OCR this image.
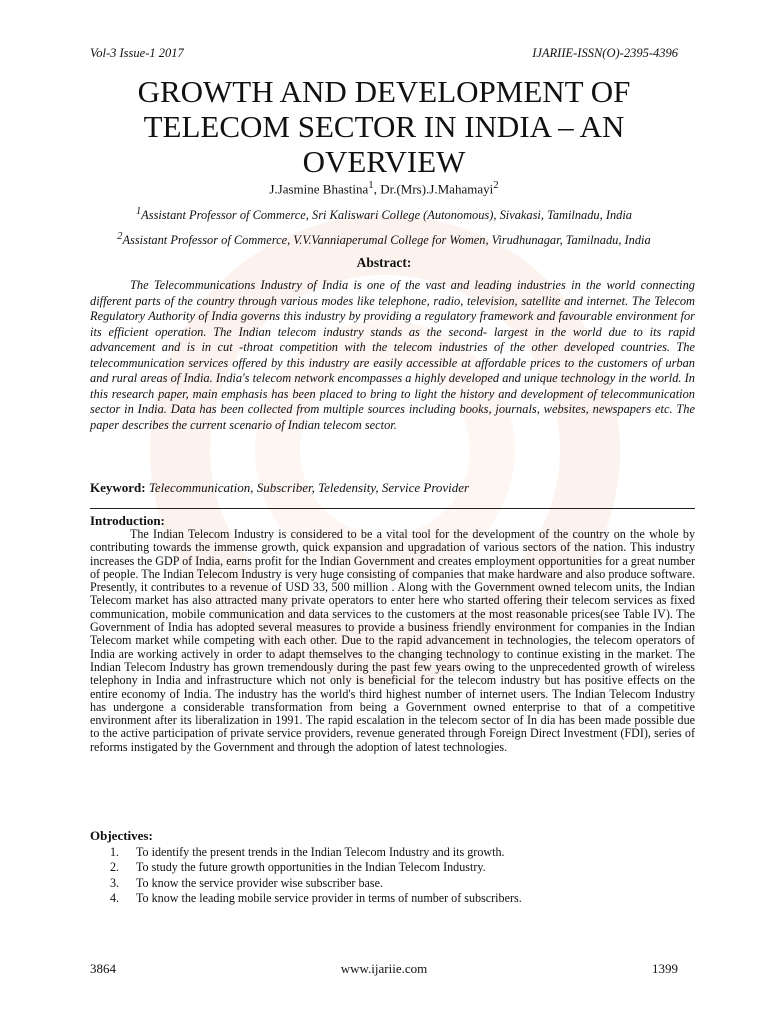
Vol-3 Issue-1 2017	IJARIIE-ISSN(O)-2395-4396
GROWTH AND DEVELOPMENT OF TELECOM SECTOR IN INDIA – AN OVERVIEW
J.Jasmine Bhastina$^1$, Dr.(Mrs).J.Mahamayi$^2$
$^1$Assistant Professor of Commerce, Sri Kaliswari College (Autonomous), Sivakasi, Tamilnadu, India
$^2$Assistant Professor of Commerce, V.V.Vanniaperumal College for Women, Virudhunagar, Tamilnadu, India
Abstract:

The Telecommunications Industry of India is one of the vast and leading industries in the world connecting different parts of the country through various modes like telephone, radio, television, satellite and internet. The Telecom Regulatory Authority of India governs this industry by providing a regulatory framework and favourable environment for its efficient operation. The Indian telecom industry stands as the second- largest in the world due to its rapid advancement and is in cut -throat competition with the telecom industries of the other developed countries. The telecommunication services offered by this industry are easily accessible at affordable prices to the customers of urban and rural areas of India. India's telecom network encompasses a highly developed and unique technology in the world. In this research paper, main emphasis has been placed to bring to light the history and development of telecommunication sector in India. Data has been collected from multiple sources including books, journals, websites, newspapers etc. The paper describes the current scenario of Indian telecom sector.

Keyword: Telecommunication, Subscriber, Teledensity, Service Provider
Introduction:

The Indian Telecom Industry is considered to be a vital tool for the development of the country on the whole by contributing towards the immense growth, quick expansion and upgradation of various sectors of the nation. This industry increases the GDP of India, earns profit for the Indian Government and creates employment opportunities for a great number of people. The Indian Telecom Industry is very huge consisting of companies that make hardware and also produce software. Presently, it contributes to a revenue of USD 33, 500 million . Along with the Government owned telecom units, the Indian Telecom market has also attracted many private operators to enter here who started offering their telecom services as fixed communication, mobile communication and data services to the customers at the most reasonable prices(see Table IV). The Government of India has adopted several measures to provide a business friendly environment for companies in the Indian Telecom market while competing with each other. Due to the rapid advancement in technologies, the telecom operators of India are working actively in order to adapt themselves to the changing technology to continue existing in the market. The Indian Telecom Industry has grown tremendously during the past few years owing to the unprecedented growth of wireless telephony in India and infrastructure which not only is beneficial for the telecom industry but has positive effects on the entire economy of India. The industry has the world's third highest number of internet users. The Indian Telecom Industry has undergone a considerable transformation from being a Government owned enterprise to that of a competitive environment after its liberalization in 1991. The rapid escalation in the telecom sector of In dia has been made possible due to the active participation of private service providers, revenue generated through Foreign Direct Investment (FDI), series of reforms instigated by the Government and through the adoption of latest technologies.

Objectives:
1.	To identify the present trends in the Indian Telecom Industry and its growth.
2.	To study the future growth opportunities in the Indian Telecom Industry.
3.	To know the service provider wise subscriber base.
4.	To know the leading mobile service provider in terms of number of subscribers.
3864	www.ijariie.com	1399
